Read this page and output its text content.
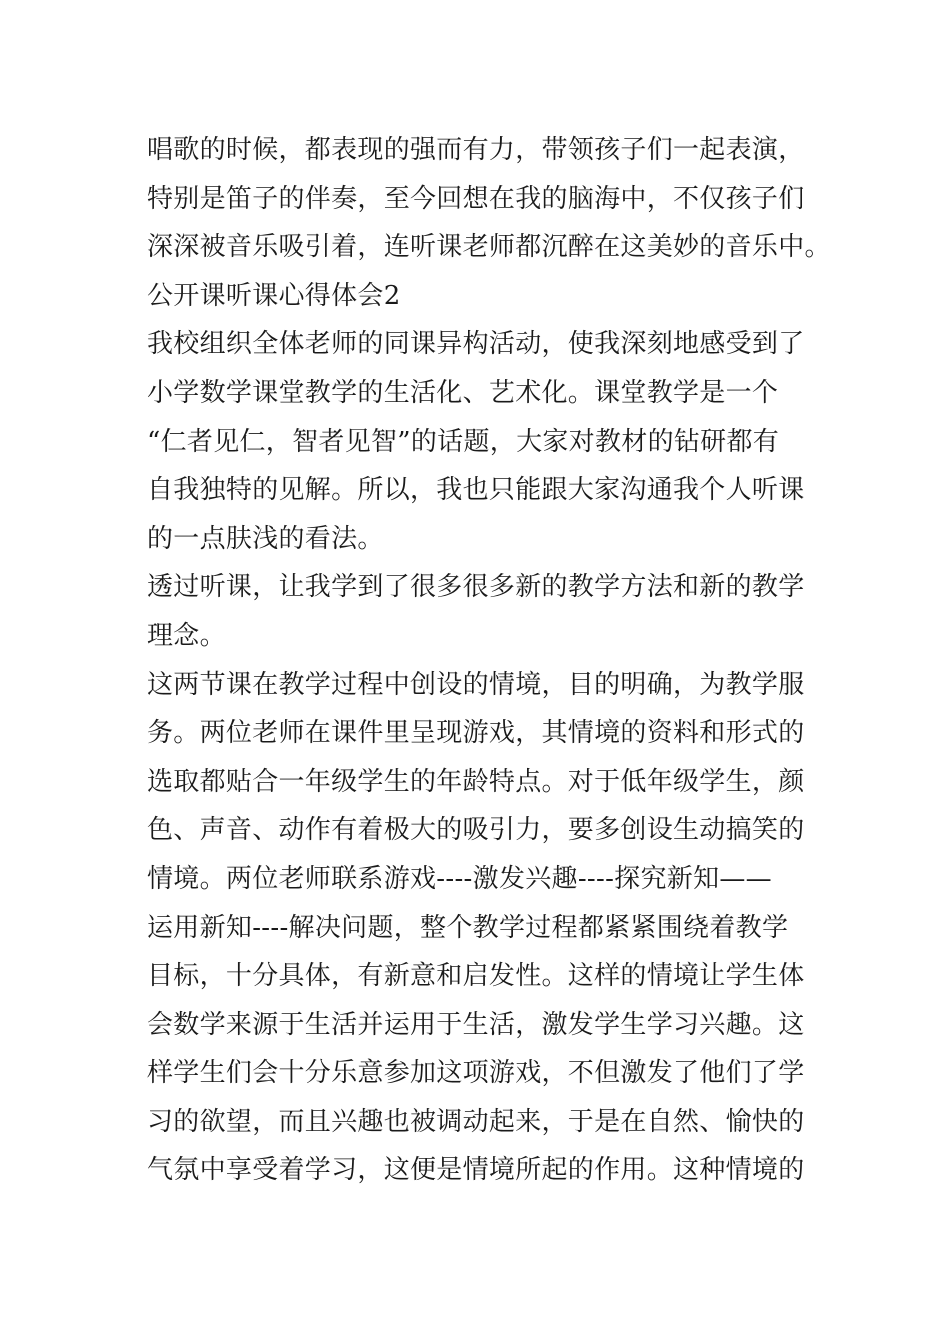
唱歌的时候，都表现的强而有力，带领孩子们一起表演，
特别是笛子的伴奏，至今回想在我的脑海中，不仅孩子们
深深被音乐吸引着，连听课老师都沉醉在这美妙的音乐中。
公开课听课心得体会2
我校组织全体老师的同课异构活动，使我深刻地感受到了
小学数学课堂教学的生活化、艺术化。课堂教学是一个
“仁者见仁，智者见智”的话题，大家对教材的钻研都有
自我独特的见解。所以，我也只能跟大家沟通我个人听课
的一点肤浅的看法。
透过听课，让我学到了很多很多新的教学方法和新的教学
理念。
这两节课在教学过程中创设的情境，目的明确，为教学服
务。两位老师在课件里呈现游戏，其情境的资料和形式的
选取都贴合一年级学生的年龄特点。对于低年级学生，颜
色、声音、动作有着极大的吸引力，要多创设生动搞笑的
情境。两位老师联系游戏----激发兴趣----探究新知——
运用新知----解决问题，整个教学过程都紧紧围绕着教学
目标，十分具体，有新意和启发性。这样的情境让学生体
会数学来源于生活并运用于生活，激发学生学习兴趣。这
样学生们会十分乐意参加这项游戏，不但激发了他们了学
习的欲望，而且兴趣也被调动起来，于是在自然、愉快的
气氛中享受着学习，这便是情境所起的作用。这种情境的
